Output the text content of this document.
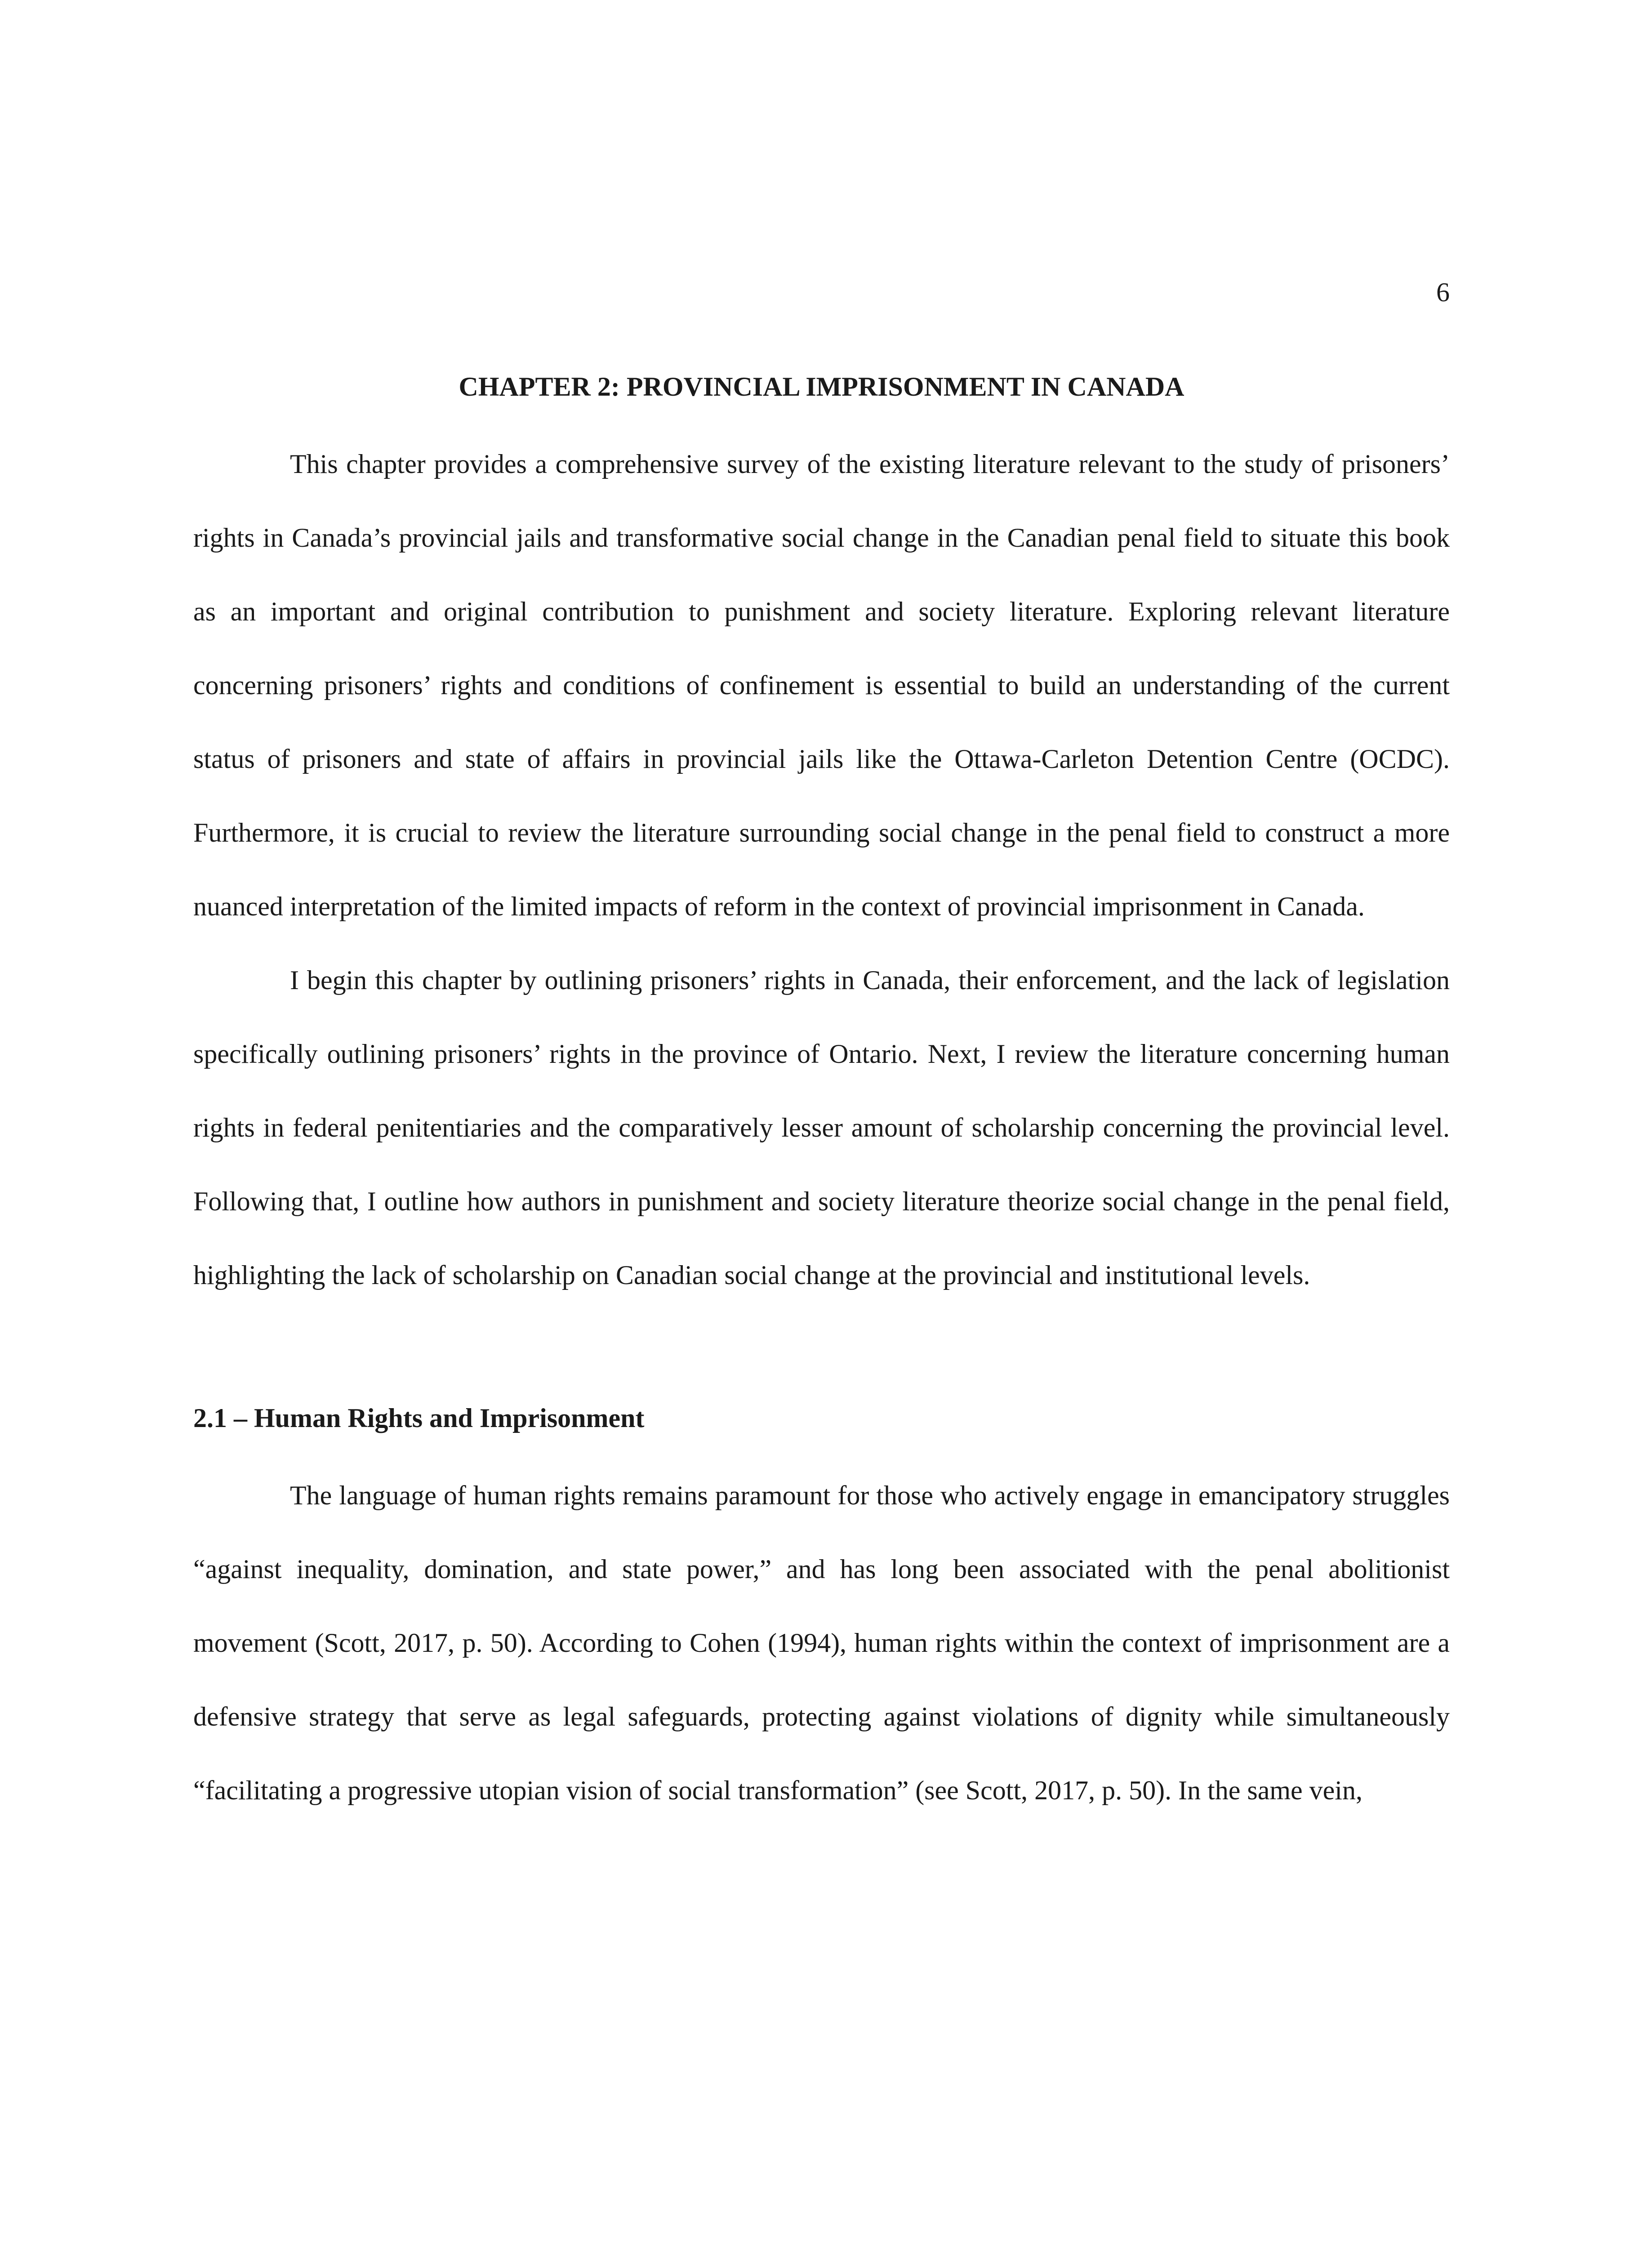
6
CHAPTER 2: PROVINCIAL IMPRISONMENT IN CANADA

This chapter provides a comprehensive survey of the existing literature relevant to the study of prisoners’ rights in Canada’s provincial jails and transformative social change in the Canadian penal field to situate this book as an important and original contribution to punishment and society literature. Exploring relevant literature concerning prisoners’ rights and conditions of confinement is essential to build an understanding of the current status of prisoners and state of affairs in provincial jails like the Ottawa-Carleton Detention Centre (OCDC). Furthermore, it is crucial to review the literature surrounding social change in the penal field to construct a more nuanced interpretation of the limited impacts of reform in the context of provincial imprisonment in Canada.

I begin this chapter by outlining prisoners’ rights in Canada, their enforcement, and the lack of legislation specifically outlining prisoners’ rights in the province of Ontario. Next, I review the literature concerning human rights in federal penitentiaries and the comparatively lesser amount of scholarship concerning the provincial level. Following that, I outline how authors in punishment and society literature theorize social change in the penal field, highlighting the lack of scholarship on Canadian social change at the provincial and institutional levels.

2.1 – Human Rights and Imprisonment

The language of human rights remains paramount for those who actively engage in emancipatory struggles “against inequality, domination, and state power,” and has long been associated with the penal abolitionist movement (Scott, 2017, p. 50). According to Cohen (1994), human rights within the context of imprisonment are a defensive strategy that serve as legal safeguards, protecting against violations of dignity while simultaneously “facilitating a progressive utopian vision of social transformation” (see Scott, 2017, p. 50). In the same vein,
